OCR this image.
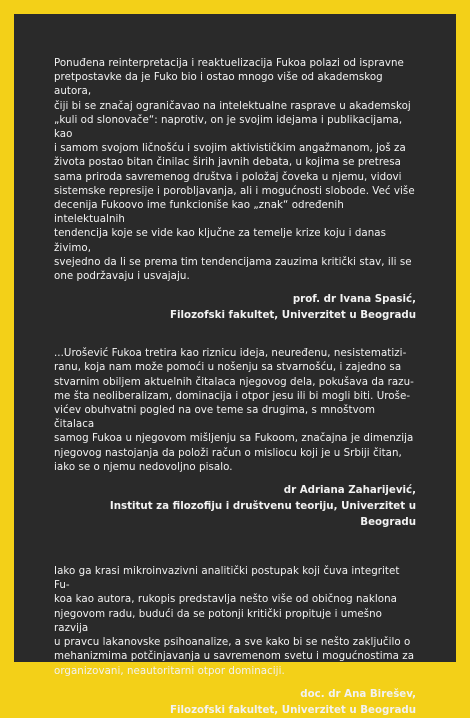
Ponuđena reinterpretacija i reaktuelizacija Fukoa polazi od ispravne
pretpostavke da je Fuko bio i ostao mnogo više od akademskog autora,
čiji bi se značaj ograničavao na intelektualne rasprave u akademskoj
„kuli od slonovače“: naprotiv, on je svojim idejama i publikacijama, kao
i samom svojom ličnošću i svojim aktivističkim angažmanom, još za
života postao bitan činilac širih javnih debata, u kojima se pretresa
sama priroda savremenog društva i položaj čoveka u njemu, vidovi
sistemske represije i porobljavanja, ali i mogućnosti slobode. Već više
decenija Fukoovo ime funkcioniše kao „znak“ određenih intelektualnih
tendencija koje se vide kao ključne za temelje krize koju i danas živimo,
svejedno da li se prema tim tendencijama zauzima kritički stav, ili se
one podržavaju i usvajaju.

prof. dr Ivana Spasić,
Filozofski fakultet, Univerzitet u Beogradu

...Urošević Fukoa tretira kao riznicu ideja, neuređenu, nesistematizi-
ranu, koja nam može pomoći u nošenju sa stvarnošću, i zajedno sa
stvarnim obiljem aktuelnih čitalaca njegovog dela, pokušava da razu-
me šta neoliberalizam, dominacija i otpor jesu ili bi mogli biti. Uroše-
vićev obuhvatni pogled na ove teme sa drugima, s mnoštvom čitalaca
samog Fukoa u njegovom mišljenju sa Fukoom, značajna je dimenzija
njegovog nastojanja da položi račun o misliocu koji je u Srbiji čitan,
iako se o njemu nedovoljno pisalo.

dr Adriana Zaharijević,
Institut za filozofiju i društvenu teoriju, Univerzitet u Beogradu

Iako ga krasi mikroinvazivni analitički postupak koji čuva integritet Fu-
koa kao autora, rukopis predstavlja nešto više od običnog naklona
njegovom radu, budući da se potonji kritički propituje i umešno razvija
u pravcu lakanovske psihoanalize, a sve kako bi se nešto zaključilo o
mehanizmima potčinjavanja u savremenom svetu i mogućnostima za
organizovani, neautoritarni otpor dominaciji.

doc. dr Ana Birešev,
Filozofski fakultet, Univerzitet u Beogradu
